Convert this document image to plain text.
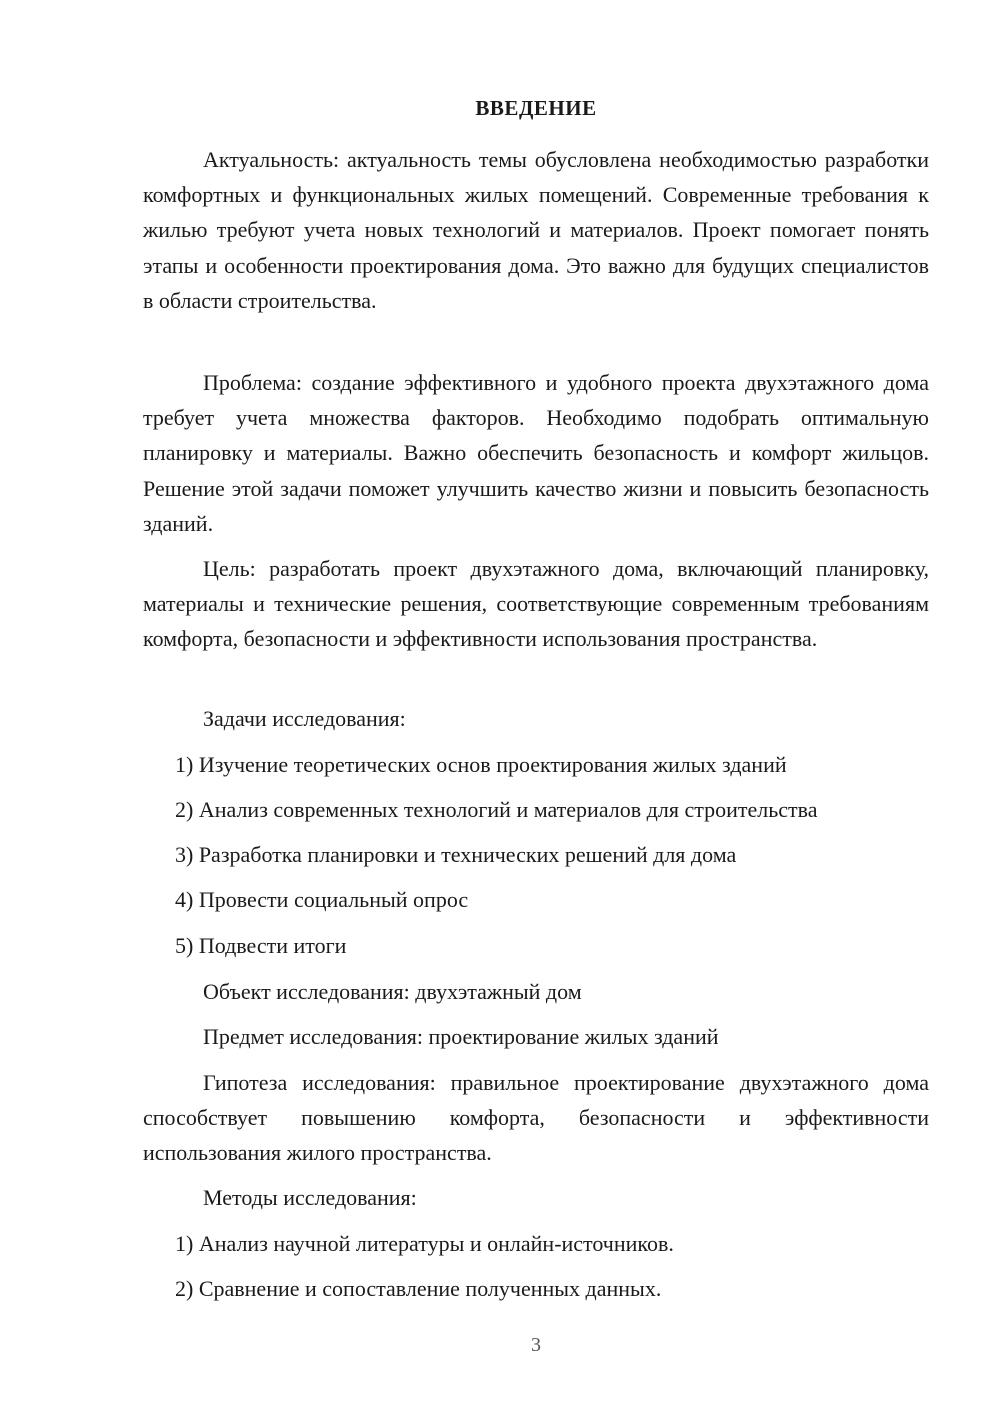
ВВЕДЕНИЕ

Актуальность: актуальность темы обусловлена необходимостью разработки комфортных и функциональных жилых помещений. Современные требования к жилью требуют учета новых технологий и материалов. Проект помогает понять этапы и особенности проектирования дома. Это важно для будущих специалистов в области строительства.

Проблема: создание эффективного и удобного проекта двухэтажного дома требует учета множества факторов. Необходимо подобрать оптимальную планировку и материалы. Важно обеспечить безопасность и комфорт жильцов. Решение этой задачи поможет улучшить качество жизни и повысить безопасность зданий.

Цель: разработать проект двухэтажного дома, включающий планировку, материалы и технические решения, соответствующие современным требованиям комфорта, безопасности и эффективности использования пространства.

Задачи исследования:

1) Изучение теоретических основ проектирования жилых зданий

2) Анализ современных технологий и материалов для строительства

3) Разработка планировки и технических решений для дома

4) Провести социальный опрос

5) Подвести итоги

Объект исследования: двухэтажный дом

Предмет исследования: проектирование жилых зданий

Гипотеза исследования: правильное проектирование двухэтажного дома способствует повышению комфорта, безопасности и эффективности использования жилого пространства.

Методы исследования:

1) Анализ научной литературы и онлайн-источников.

2) Сравнение и сопоставление полученных данных.

3
